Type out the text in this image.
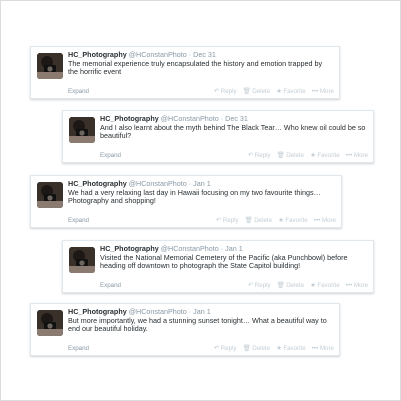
HC_Photography @HConstanPhoto · Dec 31
The memorial experience truly encapsulated the history and emotion trapped by the horrific event
Expand	↶ Reply 🗑 Delete ★ Favorite ••• More
HC_Photography @HConstanPhoto · Dec 31
And I also learnt about the myth behind The Black Tear… Who knew oil could be so beautiful?
Expand	↶ Reply 🗑 Delete ★ Favorite ••• More
HC_Photography @HConstanPhoto · Jan 1
We had a very relaxing last day in Hawaii focusing on my two favourite things… Photography and shopping!
Expand	↶ Reply 🗑 Delete ★ Favorite ••• More
HC_Photography @HConstanPhoto · Jan 1
Visited the National Memorial Cemetery of the Pacific (aka Punchbowl) before heading off downtown to photograph the State Capitol building!
Expand	↶ Reply 🗑 Delete ★ Favorite ••• More
HC_Photography @HConstanPhoto · Jan 1
But more importantly, we had a stunning sunset tonight… What a beautiful way to end our beautiful holiday.
Expand	↶ Reply 🗑 Delete ★ Favorite ••• More
